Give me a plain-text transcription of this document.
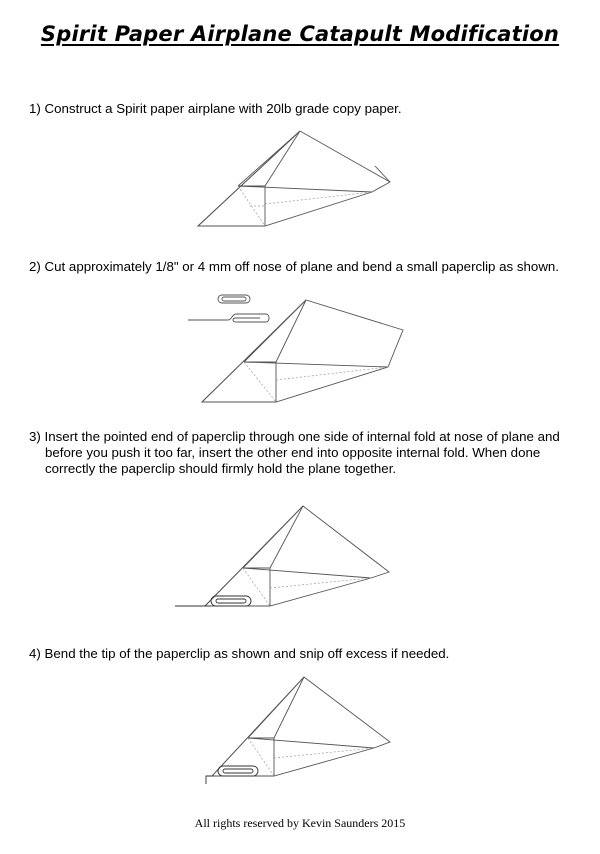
Spirit Paper Airplane Catapult Modification
1) Construct a Spirit paper airplane with 20lb grade copy paper.
2) Cut approximately 1/8" or 4 mm off nose of plane and bend a small paperclip as shown.
3) Insert the pointed end of paperclip through one side of internal fold at nose of plane and before you push it too far, insert the other end into opposite internal fold. When done correctly the paperclip should firmly hold the plane together.
4) Bend the tip of the paperclip as shown and snip off excess if needed.
All rights reserved by Kevin Saunders 2015
